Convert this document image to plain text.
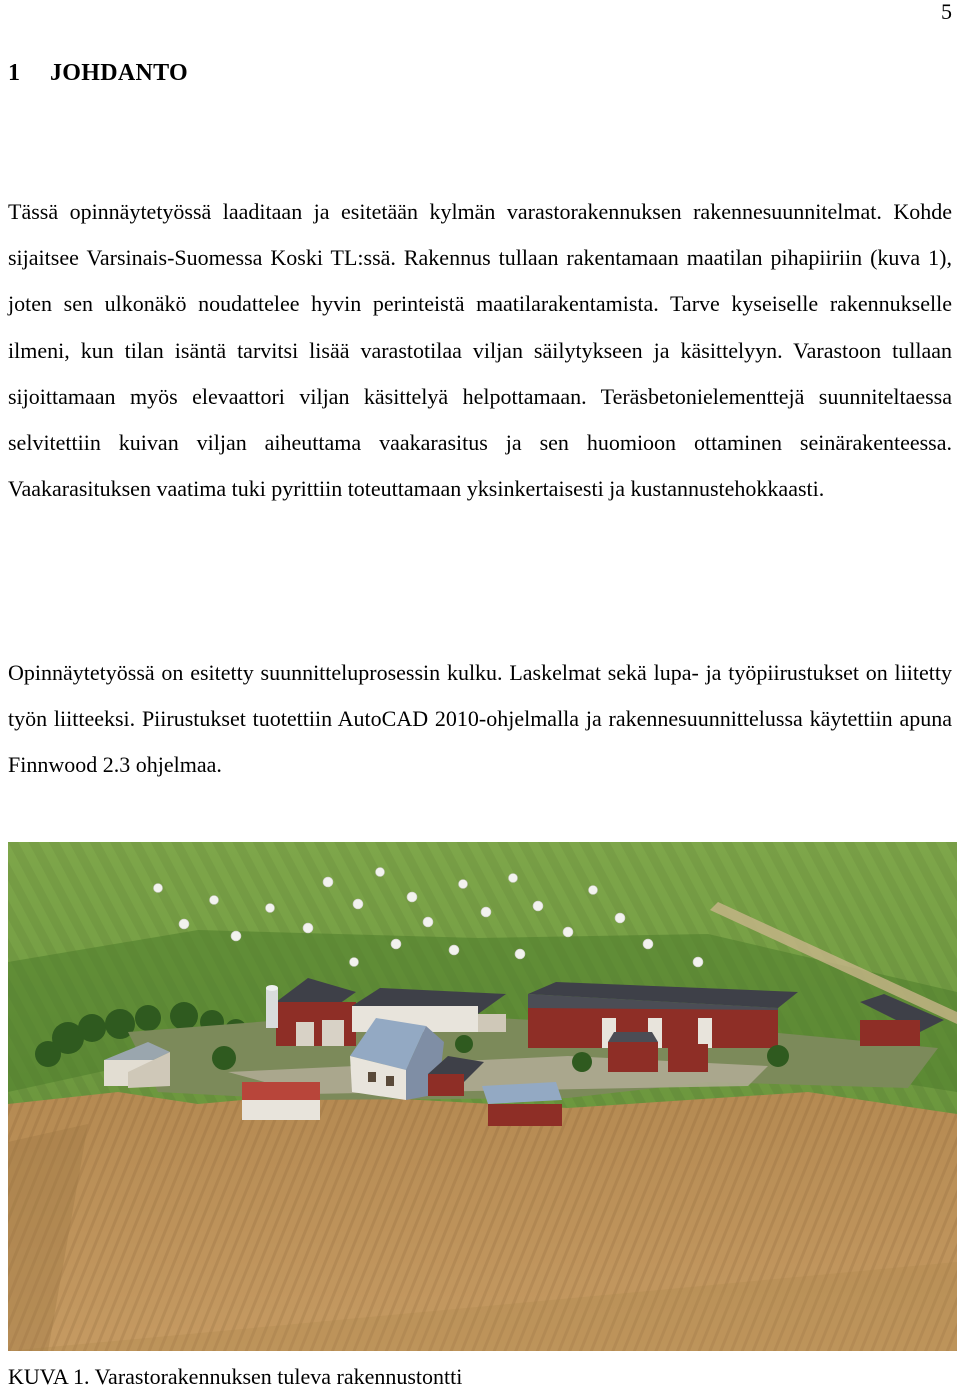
5
1 JOHDANTO

Tässä opinnäytetyössä laaditaan ja esitetään kylmän varastorakennuksen rakennesuunnitelmat. Kohde sijaitsee Varsinais-Suomessa Koski TL:ssä. Rakennus tullaan rakentamaan maatilan pihapiiriin (kuva 1), joten sen ulkonäkö noudattelee hyvin perinteistä maatilarakentamista. Tarve kyseiselle rakennukselle ilmeni, kun tilan isäntä tarvitsi lisää varastotilaa viljan säilytykseen ja käsittelyyn. Varastoon tullaan sijoittamaan myös elevaattori viljan käsittelyä helpottamaan. Teräsbetonielementtejä suunniteltaessa selvitettiin kuivan viljan aiheuttama vaakarasitus ja sen huomioon ottaminen seinärakenteessa. Vaakarasituksen vaatima tuki pyrittiin toteuttamaan yksinkertaisesti ja kustannustehokkaasti.

Opinnäytetyössä on esitetty suunnitteluprosessin kulku. Laskelmat sekä lupa- ja työpiirustukset on liitetty työn liitteeksi. Piirustukset tuotettiin AutoCAD 2010-ohjelmalla ja rakennesuunnittelussa käytettiin apuna Finnwood 2.3 ohjelmaa.

KUVA 1. Varastorakennuksen tuleva rakennustontti
